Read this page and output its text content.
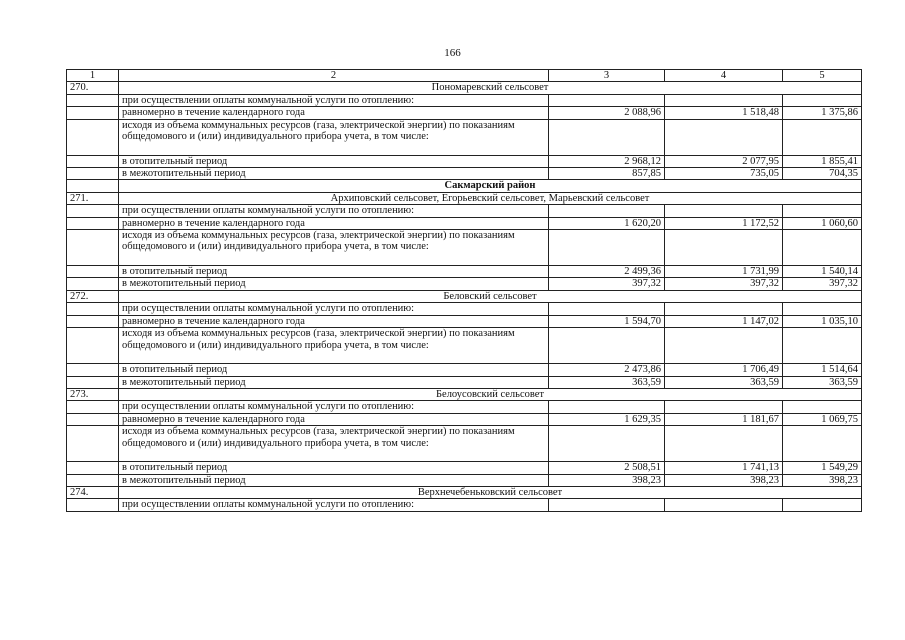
166
1	2	3	4	5
270.	Пономаревский сельсовет			
	при осуществлении оплаты коммунальной услуги по отоплению:			
	равномерно в течение календарного года	2 088,96	1 518,48	1 375,86
	исходя из объема коммунальных ресурсов (газа, электрической энергии) по показаниям общедомового и (или) индивидуального прибора учета, в том числе:			
	в отопительный период	2 968,12	2 077,95	1 855,41
	в межотопительный период	857,85	735,05	704,35
	Сакмарский район			
271.	Архиповский сельсовет, Егорьевский сельсовет, Марьевский сельсовет			
	при осуществлении оплаты коммунальной услуги по отоплению:			
	равномерно в течение календарного года	1 620,20	1 172,52	1 060,60
	исходя из объема коммунальных ресурсов (газа, электрической энергии) по показаниям общедомового и (или) индивидуального прибора учета, в том числе:			
	в отопительный период	2 499,36	1 731,99	1 540,14
	в межотопительный период	397,32	397,32	397,32
272.	Беловский сельсовет			
	при осуществлении оплаты коммунальной услуги по отоплению:			
	равномерно в течение календарного года	1 594,70	1 147,02	1 035,10
	исходя из объема коммунальных ресурсов (газа, электрической энергии) по показаниям общедомового и (или) индивидуального прибора учета, в том числе:			
	в отопительный период	2 473,86	1 706,49	1 514,64
	в межотопительный период	363,59	363,59	363,59
273.	Белоусовский сельсовет			
	при осуществлении оплаты коммунальной услуги по отоплению:			
	равномерно в течение календарного года	1 629,35	1 181,67	1 069,75
	исходя из объема коммунальных ресурсов (газа, электрической энергии) по показаниям общедомового и (или) индивидуального прибора учета, в том числе:			
	в отопительный период	2 508,51	1 741,13	1 549,29
	в межотопительный период	398,23	398,23	398,23
274.	Верхнечебеньковский сельсовет			
	при осуществлении оплаты коммунальной услуги по отоплению:			
